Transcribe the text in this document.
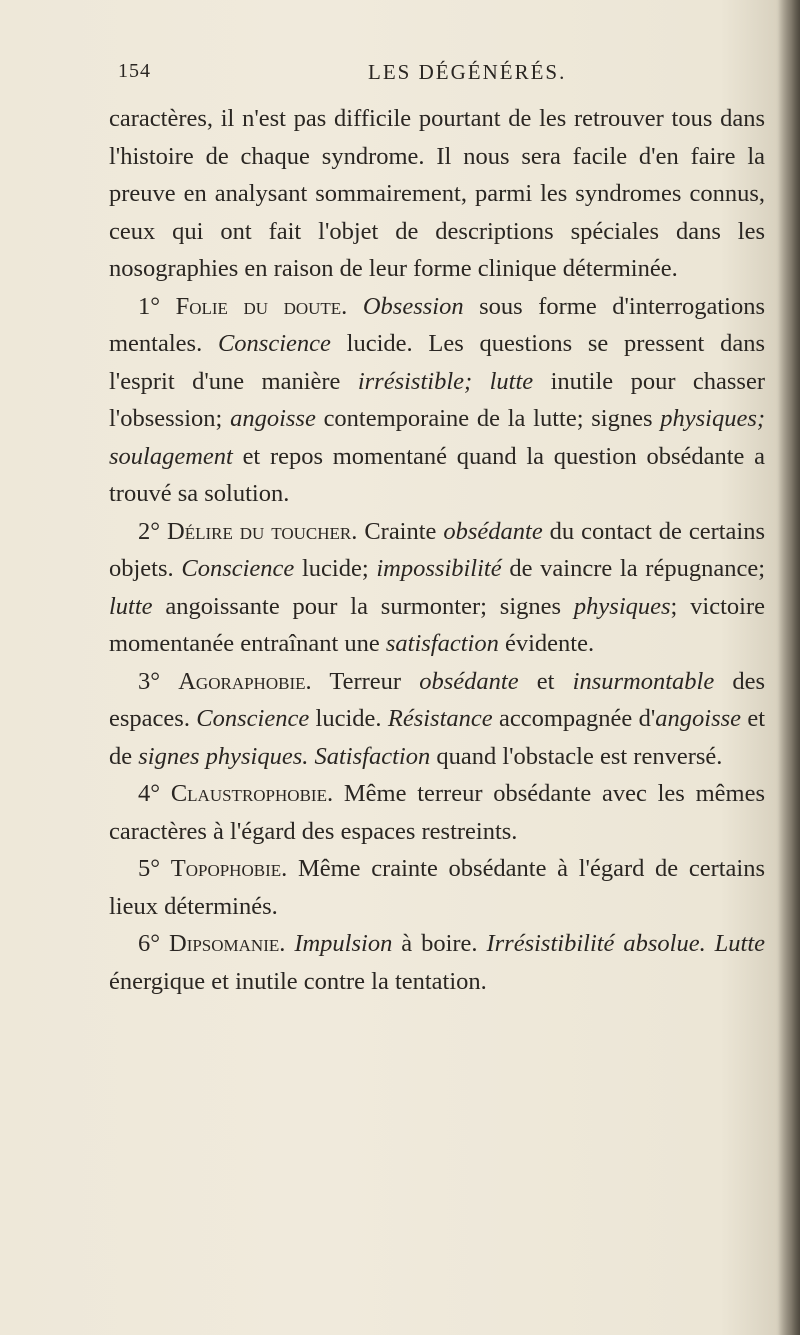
154	LES DÉGÉNÉRÉS.

caractères, il n'est pas difficile pourtant de les retrouver tous dans l'histoire de chaque syndrome. Il nous sera facile d'en faire la preuve en analysant sommairement, parmi les syndromes connus, ceux qui ont fait l'objet de descriptions spéciales dans les nosographies en raison de leur forme clinique déterminée.

1° Folie du doute. Obsession sous forme d'interrogations mentales. Conscience lucide. Les questions se pressent dans l'esprit d'une manière irrésistible; lutte inutile pour chasser l'obsession; angoisse contemporaine de la lutte; signes physiques; soulagement et repos momentané quand la question obsédante a trouvé sa solution.

2° Délire du toucher. Crainte obsédante du contact de certains objets. Conscience lucide; impossibilité de vaincre la répugnance; lutte angoissante pour la surmonter; signes physiques; victoire momentanée entraînant une satisfaction évidente.

3° Agoraphobie. Terreur obsédante et insurmontable des espaces. Conscience lucide. Résistance accompagnée d'angoisse et de signes physiques. Satisfaction quand l'obstacle est renversé.

4° Claustrophobie. Même terreur obsédante avec les mêmes caractères à l'égard des espaces restreints.

5° Topophobie. Même crainte obsédante à l'égard de certains lieux déterminés.

6° Dipsomanie. Impulsion à boire. Irrésistibilité absolue. Lutte énergique et inutile contre la tentation.
